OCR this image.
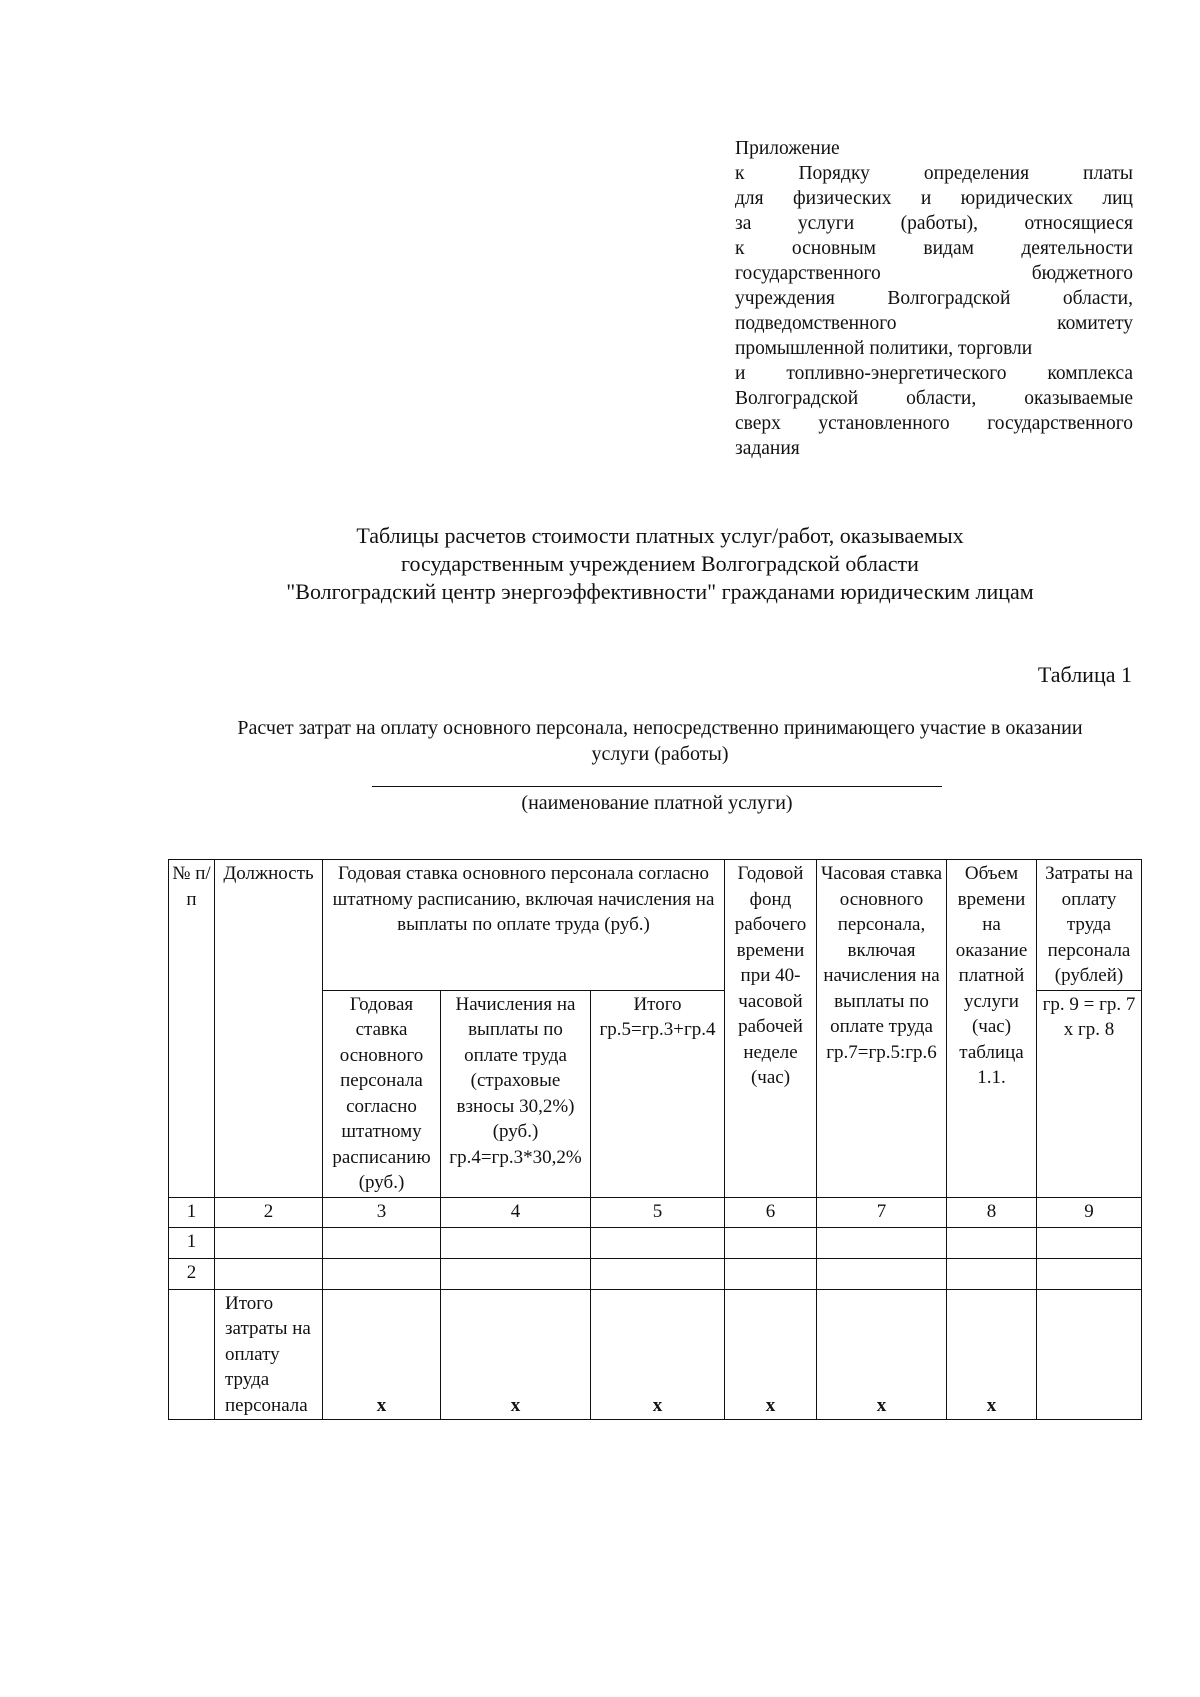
Приложение
к Порядку определения платы
для физических и юридических лиц
за услуги (работы), относящиеся
к основным видам деятельности
государственного бюджетного
учреждения Волгоградской области,
подведомственного комитету
промышленной политики, торговли
и топливно-энергетического комплекса
Волгоградской области, оказываемые
сверх установленного государственного
задания
Таблицы расчетов стоимости платных услуг/работ, оказываемых
государственным учреждением Волгоградской области
"Волгоградский центр энергоэффективности" гражданами юридическим лицам
Таблица 1
Расчет затрат на оплату основного персонала, непосредственно принимающего участие в оказании
услуги (работы)
(наименование платной услуги)
№ п/п	Должность	Годовая ставка основного персонала согласно штатному расписанию, включая начисления на выплаты по оплате труда (руб.)			Годовой фонд рабочего времени при 40-часовой рабочей неделе (час)	Часовая ставка основного персонала, включая начисления на выплаты по оплате труда гр.7=гр.5:гр.6	Объем времени на оказание платной услуги (час) таблица 1.1.	Затраты на оплату труда персонала (рублей)
		Годовая ставка основного персонала согласно штатному расписанию (руб.)	Начисления на выплаты по оплате труда (страховые взносы 30,2%) (руб.) гр.4=гр.3*30,2%	Итого гр.5=гр.3+гр.4				гр. 9 = гр. 7 х гр. 8
1	2	3	4	5	6	7	8	9
1								
2								
	Итого затраты на оплату труда персонала	х	х	х	х	х	х	
